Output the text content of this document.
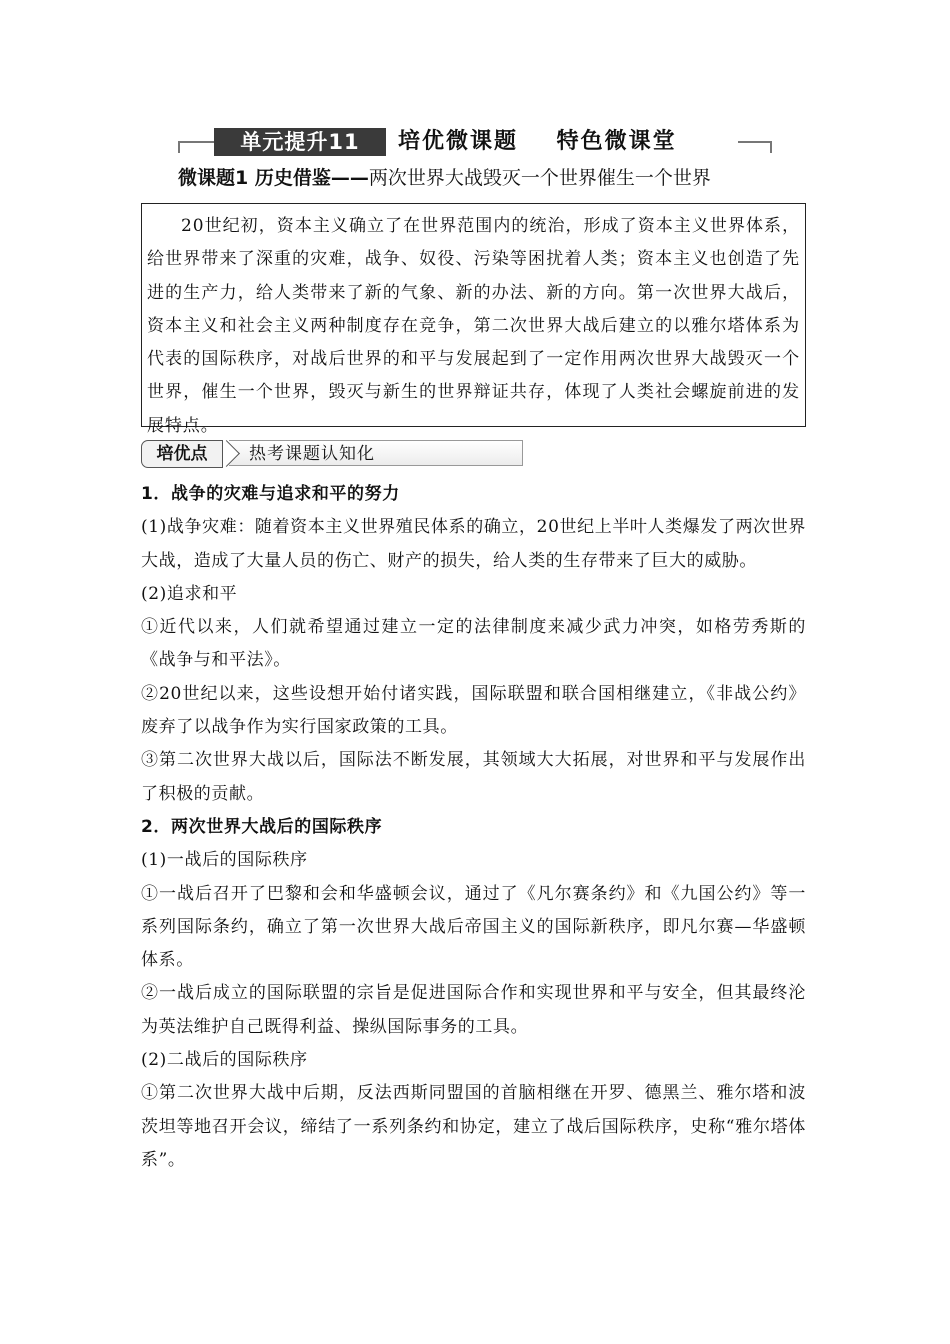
单元提升11	培优微课题    特色微课堂
微课题1 历史借鉴——两次世界大战毁灭一个世界催生一个世界

20世纪初，资本主义确立了在世界范围内的统治，形成了资本主义世界体系，给世界带来了深重的灾难，战争、奴役、污染等困扰着人类；资本主义也创造了先进的生产力，给人类带来了新的气象、新的办法、新的方向。第一次世界大战后，资本主义和社会主义两种制度存在竞争，第二次世界大战后建立的以雅尔塔体系为代表的国际秩序，对战后世界的和平与发展起到了一定作用两次世界大战毁灭一个世界，催生一个世界，毁灭与新生的世界辩证共存，体现了人类社会螺旋前进的发展特点。

培优点	热考课题认知化

1．战争的灾难与追求和平的努力

(1)战争灾难：随着资本主义世界殖民体系的确立，20世纪上半叶人类爆发了两次世界大战，造成了大量人员的伤亡、财产的损失，给人类的生存带来了巨大的威胁。

(2)追求和平

①近代以来，人们就希望通过建立一定的法律制度来减少武力冲突，如格劳秀斯的《战争与和平法》。

②20世纪以来，这些设想开始付诸实践，国际联盟和联合国相继建立，《非战公约》废弃了以战争作为实行国家政策的工具。

③第二次世界大战以后，国际法不断发展，其领域大大拓展，对世界和平与发展作出了积极的贡献。

2．两次世界大战后的国际秩序

(1)一战后的国际秩序

①一战后召开了巴黎和会和华盛顿会议，通过了《凡尔赛条约》和《九国公约》等一系列国际条约，确立了第一次世界大战后帝国主义的国际新秩序，即凡尔赛—华盛顿体系。

②一战后成立的国际联盟的宗旨是促进国际合作和实现世界和平与安全，但其最终沦为英法维护自己既得利益、操纵国际事务的工具。

(2)二战后的国际秩序

①第二次世界大战中后期，反法西斯同盟国的首脑相继在开罗、德黑兰、雅尔塔和波茨坦等地召开会议，缔结了一系列条约和协定，建立了战后国际秩序，史称“雅尔塔体系”。
